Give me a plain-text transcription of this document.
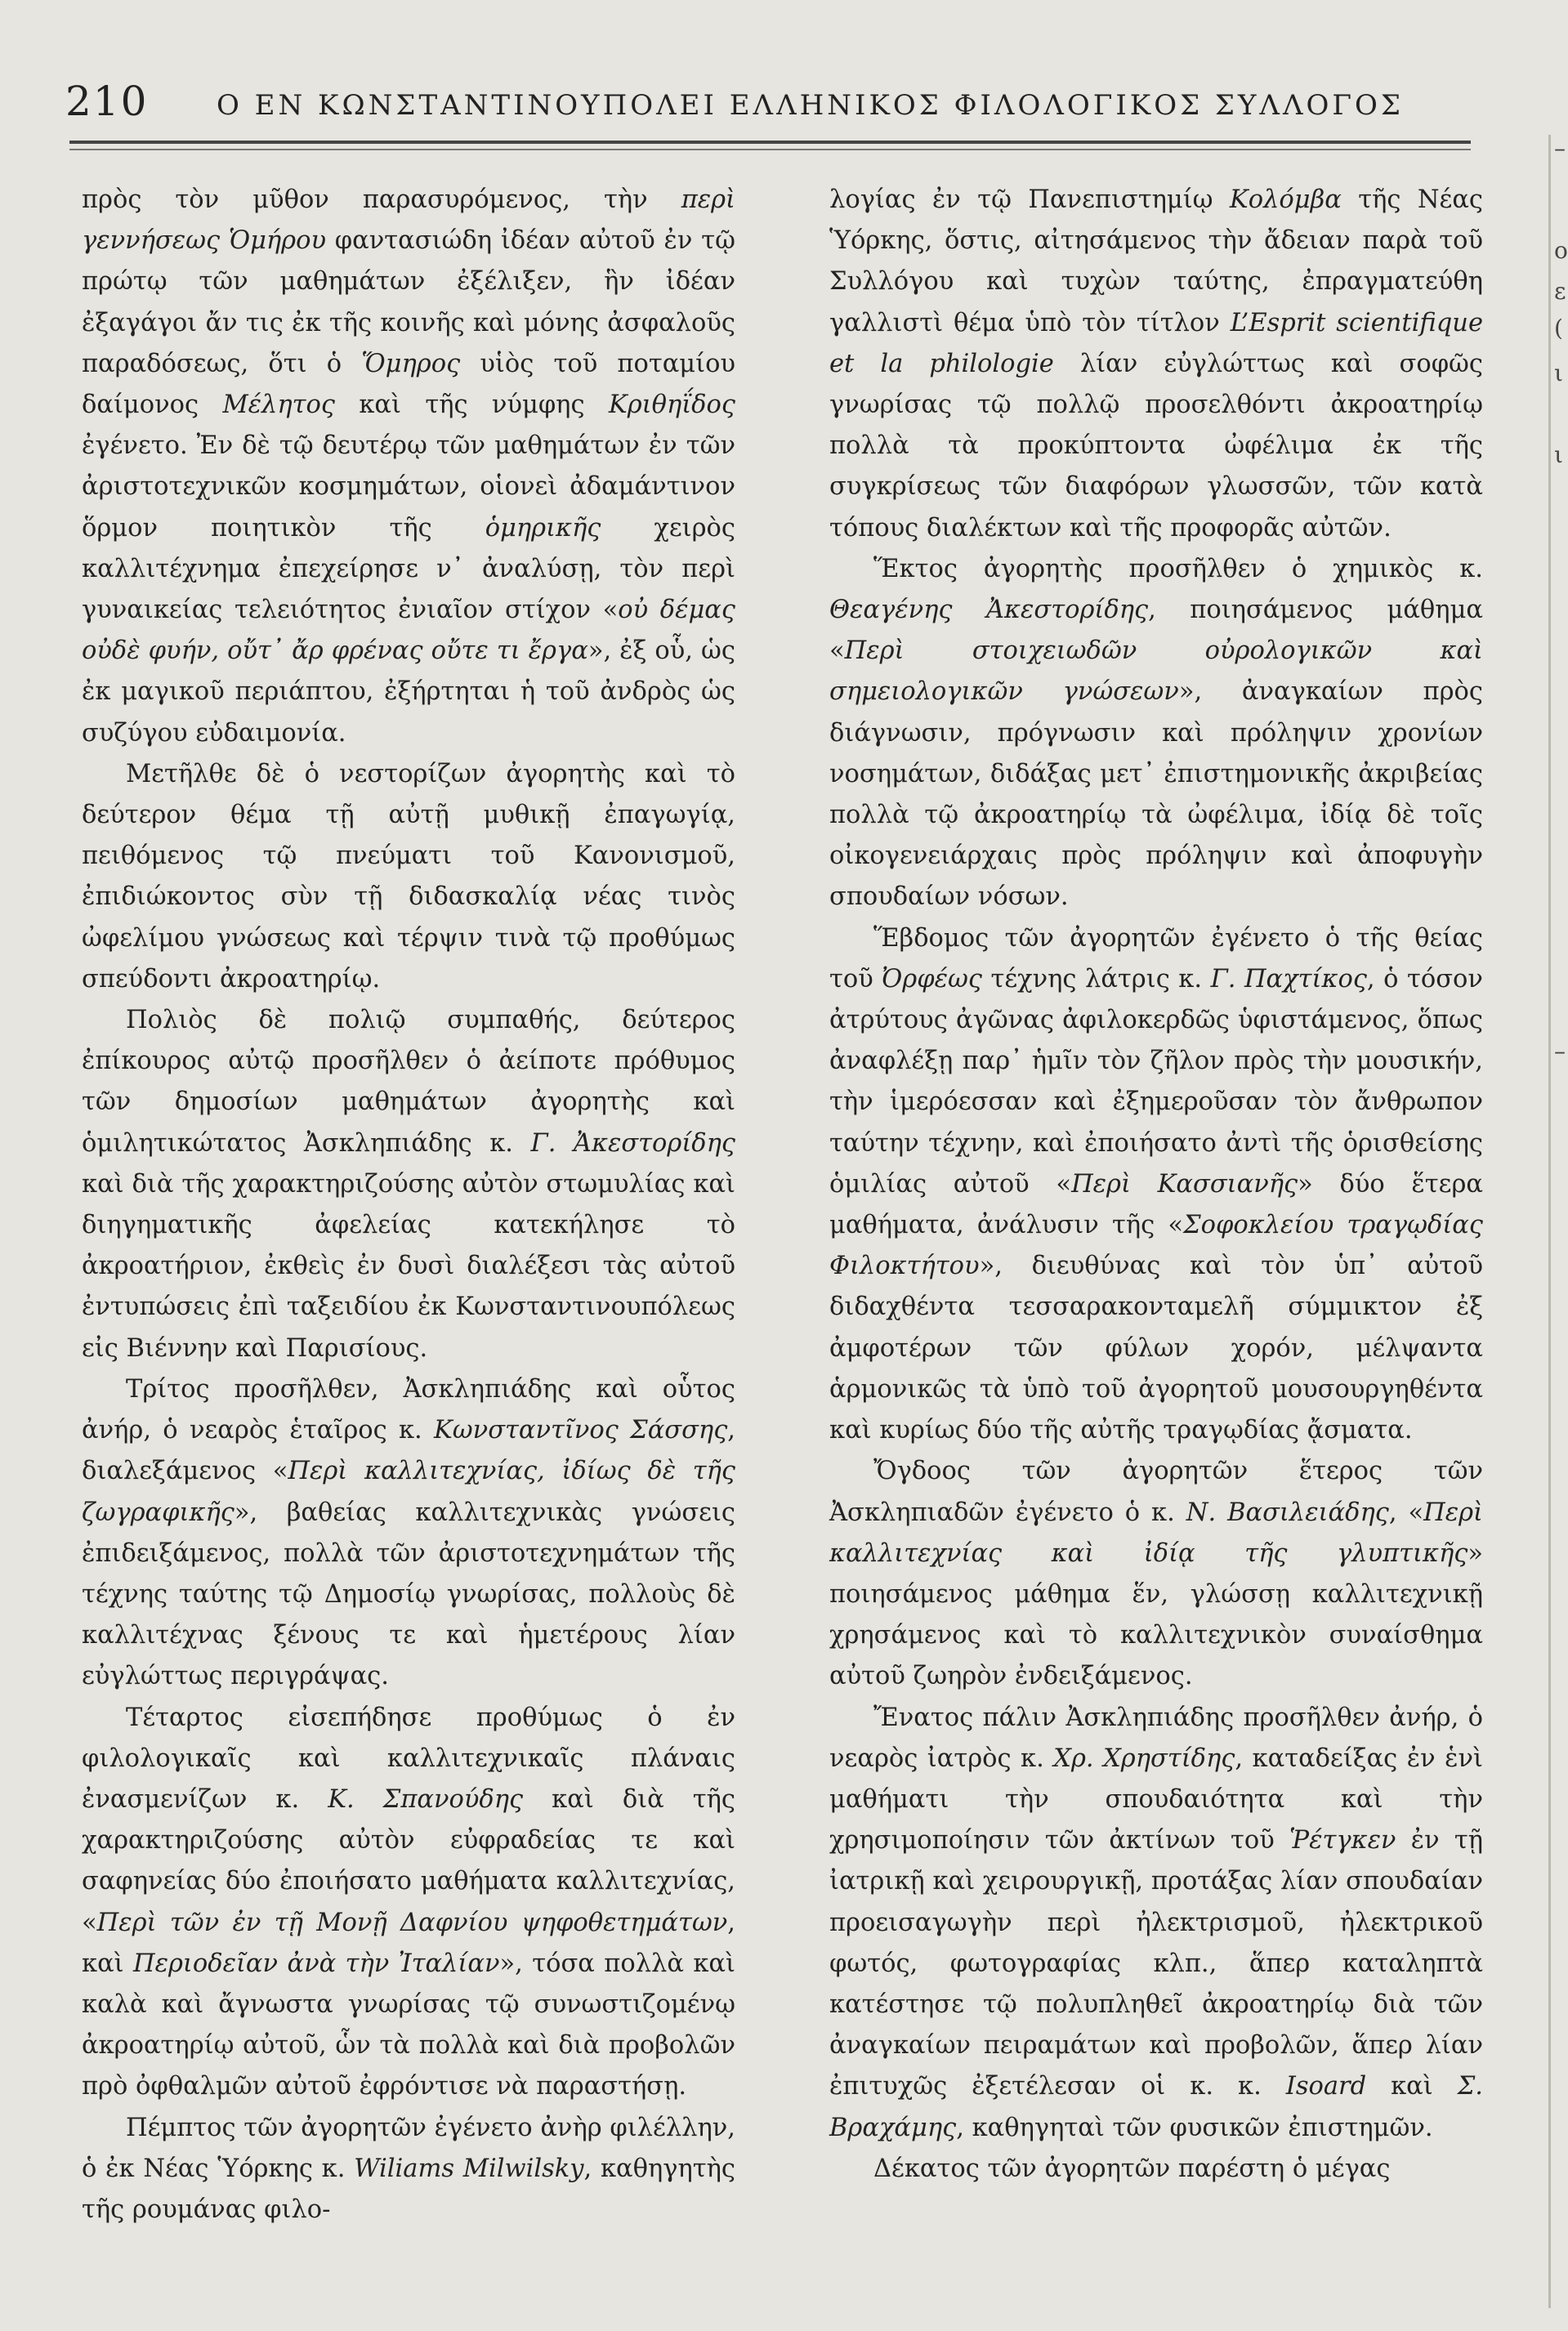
210 Ο ΕΝ ΚΩΝΣΤΑΝΤΙΝΟΥΠΟΛΕΙ ΕΛΛΗΝΙΚΟΣ ΦΙΛΟΛΟΓΙΚΟΣ ΣΥΛΛΟΓΟΣ

πρὸς τὸν μῦθον παρασυρόμενος, τὴν περὶ γεννήσεως Ὁμήρου φαντασιώδη ἰδέαν αὐτοῦ ἐν τῷ πρώτῳ τῶν μαθημάτων ἐξέλιξεν, ἣν ἰδέαν ἐξαγάγοι ἄν τις ἐκ τῆς κοινῆς καὶ μόνης ἀσφαλοῦς παραδόσεως, ὅτι ὁ Ὅμηρος υἱὸς τοῦ ποταμίου δαίμονος Μέλητος καὶ τῆς νύμφης Κριθηΐδος ἐγένετο. Ἐν δὲ τῷ δευτέρῳ τῶν μαθημάτων ἐν τῶν ἀριστοτεχνικῶν κοσμημάτων, οἱονεὶ ἀδαμάντινον ὅρμον ποιητικὸν τῆς ὁμηρικῆς χειρὸς καλλιτέχνημα ἐπεχείρησε ν᾽ ἀναλύσῃ, τὸν περὶ γυναικείας τελειότητος ἐνιαῖον στίχον «οὐ δέμας οὐδὲ φυήν, οὔτ᾽ ἄρ φρένας οὔτε τι ἔργα», ἐξ οὗ, ὡς ἐκ μαγικοῦ περιάπτου, ἐξήρτηται ἡ τοῦ ἀνδρὸς ὡς συζύγου εὐδαιμονία.

Μετῆλθε δὲ ὁ νεστορίζων ἀγορητὴς καὶ τὸ δεύτερον θέμα τῇ αὐτῇ μυθικῇ ἐπαγωγίᾳ, πειθόμενος τῷ πνεύματι τοῦ Κανονισμοῦ, ἐπιδιώκοντος σὺν τῇ διδασκαλίᾳ νέας τινὸς ὠφελίμου γνώσεως καὶ τέρψιν τινὰ τῷ προθύμως σπεύδοντι ἀκροατηρίῳ.

Πολιὸς δὲ πολιῷ συμπαθής, δεύτερος ἐπίκουρος αὐτῷ προσῆλθεν ὁ ἀείποτε πρόθυμος τῶν δημοσίων μαθημάτων ἀγορητὴς καὶ ὁμιλητικώτατος Ἀσκληπιάδης κ. Γ. Ἀκεστορίδης καὶ διὰ τῆς χαρακτηριζούσης αὐτὸν στωμυλίας καὶ διηγηματικῆς ἀφελείας κατεκήλησε τὸ ἀκροατήριον, ἐκθεὶς ἐν δυσὶ διαλέξεσι τὰς αὐτοῦ ἐντυπώσεις ἐπὶ ταξειδίου ἐκ Κωνσταντινουπόλεως εἰς Βιέννην καὶ Παρισίους.

Τρίτος προσῆλθεν, Ἀσκληπιάδης καὶ οὗτος ἀνήρ, ὁ νεαρὸς ἑταῖρος κ. Κωνσταντῖνος Σάσσης, διαλεξάμενος «Περὶ καλλιτεχνίας, ἰδίως δὲ τῆς ζωγραφικῆς», βαθείας καλλιτεχνικὰς γνώσεις ἐπιδειξάμενος, πολλὰ τῶν ἀριστοτεχνημάτων τῆς τέχνης ταύτης τῷ Δημοσίῳ γνωρίσας, πολλοὺς δὲ καλλιτέχνας ξένους τε καὶ ἡμετέρους λίαν εὐγλώττως περιγράψας.

Τέταρτος εἰσεπήδησε προθύμως ὁ ἐν φιλολογικαῖς καὶ καλλιτεχνικαῖς πλάναις ἐνασμενίζων κ. Κ. Σπανούδης καὶ διὰ τῆς χαρακτηριζούσης αὐτὸν εὐφραδείας τε καὶ σαφηνείας δύο ἐποιήσατο μαθήματα καλλιτεχνίας, «Περὶ τῶν ἐν τῇ Μονῇ Δαφνίου ψηφοθετημάτων, καὶ Περιοδεῖαν ἀνὰ τὴν Ἰταλίαν», τόσα πολλὰ καὶ καλὰ καὶ ἄγνωστα γνωρίσας τῷ συνωστιζομένῳ ἀκροατηρίῳ αὐτοῦ, ὧν τὰ πολλὰ καὶ διὰ προβολῶν πρὸ ὀφθαλμῶν αὐτοῦ ἐφρόντισε νὰ παραστήσῃ.

Πέμπτος τῶν ἀγορητῶν ἐγένετο ἀνὴρ φιλέλλην, ὁ ἐκ Νέας Ὑόρκης κ. Wiliams Milwilsky, καθηγητὴς τῆς ρουμάνας φιλο-

λογίας ἐν τῷ Πανεπιστημίῳ Κολόμβα τῆς Νέας Ὑόρκης, ὅστις, αἰτησάμενος τὴν ἄδειαν παρὰ τοῦ Συλλόγου καὶ τυχὼν ταύτης, ἐπραγματεύθη γαλλιστὶ θέμα ὑπὸ τὸν τίτλον L’Esprit scientifique et la philologie λίαν εὐγλώττως καὶ σοφῶς γνωρίσας τῷ πολλῷ προσελθόντι ἀκροατηρίῳ πολλὰ τὰ προκύπτοντα ὠφέλιμα ἐκ τῆς συγκρίσεως τῶν διαφόρων γλωσσῶν, τῶν κατὰ τόπους διαλέκτων καὶ τῆς προφορᾶς αὐτῶν.

Ἕκτος ἀγορητὴς προσῆλθεν ὁ χημικὸς κ. Θεαγένης Ἀκεστορίδης, ποιησάμενος μάθημα «Περὶ στοιχειωδῶν οὐρολογικῶν καὶ σημειολογικῶν γνώσεων», ἀναγκαίων πρὸς διάγνωσιν, πρόγνωσιν καὶ πρόληψιν χρονίων νοσημάτων, διδάξας μετ᾽ ἐπιστημονικῆς ἀκριβείας πολλὰ τῷ ἀκροατηρίῳ τὰ ὠφέλιμα, ἰδίᾳ δὲ τοῖς οἰκογενειάρχαις πρὸς πρόληψιν καὶ ἀποφυγὴν σπουδαίων νόσων.

Ἕβδομος τῶν ἀγορητῶν ἐγένετο ὁ τῆς θείας τοῦ Ὀρφέως τέχνης λάτρις κ. Γ. Παχτίκος, ὁ τόσον ἀτρύτους ἀγῶνας ἀφιλοκερδῶς ὑφιστάμενος, ὅπως ἀναφλέξῃ παρ᾽ ἡμῖν τὸν ζῆλον πρὸς τὴν μουσικήν, τὴν ἱμερόεσσαν καὶ ἐξημεροῦσαν τὸν ἄνθρωπον ταύτην τέχνην, καὶ ἐποιήσατο ἀντὶ τῆς ὁρισθείσης ὁμιλίας αὐτοῦ «Περὶ Κασσιανῆς» δύο ἕτερα μαθήματα, ἀνάλυσιν τῆς «Σοφοκλείου τραγῳδίας Φιλοκτήτου», διευθύνας καὶ τὸν ὑπ᾽ αὐτοῦ διδαχθέντα τεσσαρακονταμελῆ σύμμικτον ἐξ ἀμφοτέρων τῶν φύλων χορόν, μέλψαντα ἁρμονικῶς τὰ ὑπὸ τοῦ ἀγορητοῦ μουσουργηθέντα καὶ κυρίως δύο τῆς αὐτῆς τραγῳδίας ᾄσματα.

Ὄγδοος τῶν ἀγορητῶν ἕτερος τῶν Ἀσκληπιαδῶν ἐγένετο ὁ κ. Ν. Βασιλειάδης, «Περὶ καλλιτεχνίας καὶ ἰδίᾳ τῆς γλυπτικῆς» ποιησάμενος μάθημα ἕν, γλώσσῃ καλλιτεχνικῇ χρησάμενος καὶ τὸ καλλιτεχνικὸν συναίσθημα αὐτοῦ ζωηρὸν ἐνδειξάμενος.

Ἔνατος πάλιν Ἀσκληπιάδης προσῆλθεν ἀνήρ, ὁ νεαρὸς ἰατρὸς κ. Χρ. Χρηστίδης, καταδείξας ἐν ἑνὶ μαθήματι τὴν σπουδαιότητα καὶ τὴν χρησιμοποίησιν τῶν ἀκτίνων τοῦ Ῥέτγκεν ἐν τῇ ἰατρικῇ καὶ χειρουργικῇ, προτάξας λίαν σπουδαίαν προεισαγωγὴν περὶ ἠλεκτρισμοῦ, ἠλεκτρικοῦ φωτός, φωτογραφίας κλπ., ἅπερ καταληπτὰ κατέστησε τῷ πολυπληθεῖ ἀκροατηρίῳ διὰ τῶν ἀναγκαίων πειραμάτων καὶ προβολῶν, ἅπερ λίαν ἐπιτυχῶς ἐξετέλεσαν οἱ κ. κ. Isoard καὶ Σ. Βραχάμης, καθηγηταὶ τῶν φυσικῶν ἐπιστημῶν.

Δέκατος τῶν ἀγορητῶν παρέστη ὁ μέγας

–
ο
ε
(
ι
ι
–
